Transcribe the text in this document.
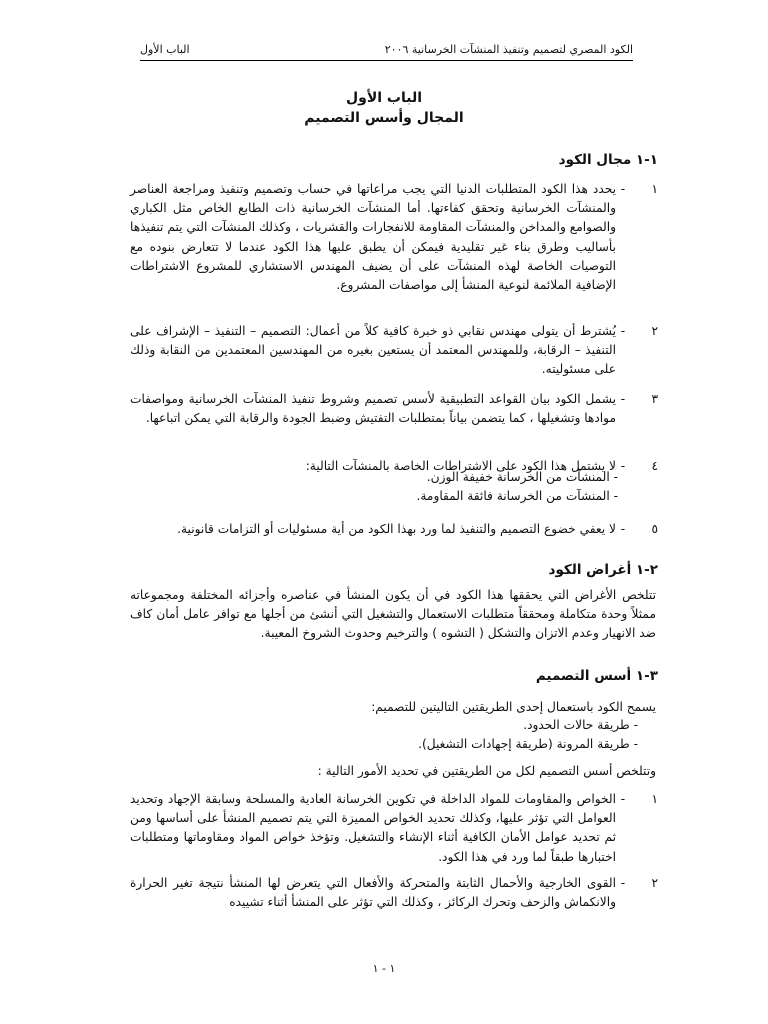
الباب الأول	الكود المصري لتصميم وتنفيذ المنشآت الخرسانية ٢٠٠٦
الباب الأول
المجال وأسس التصميم
١-١ مجال الكود
١
-
يحدد هذا الكود المتطلبات الدنيا التي يجب مراعاتها في حساب وتصميم وتنفيذ ومراجعة العناصر والمنشآت الخرسانية وتحقق كفاءتها. أما المنشآت الخرسانية ذات الطابع الخاص مثل الكباري والصوامع والمداخن والمنشآت المقاومة للانفجارات والقشريات ، وكذلك المنشآت التي يتم تنفيذها بأساليب وطرق بناء غير تقليدية فيمكن أن يطبق عليها هذا الكود عندما لا تتعارض بنوده مع التوصيات الخاصة لهذه المنشآت على أن يضيف المهندس الاستشاري للمشروع الاشتراطات الإضافية الملائمة لنوعية المنشأ إلى مواصفات المشروع.
٢
-
يُشترط أن يتولى مهندس نقابي ذو خبرة كافية كلاً من أعمال: التصميم – التنفيذ – الإشراف على التنفيذ – الرقابة، وللمهندس المعتمد أن يستعين بغيره من المهندسين المعتمدين من النقابة وذلك على مسئوليته.
٣
-
يشمل الكود بيان القواعد التطبيقية لأسس تصميم وشروط تنفيذ المنشآت الخرسانية ومواصفات موادها وتشغيلها ، كما يتضمن بياناً بمتطلبات التفتيش وضبط الجودة والرقابة التي يمكن اتباعها.
٤
-
لا يشتمل هذا الكود على الاشتراطات الخاصة بالمنشآت التالية:
- المنشآت من الخرسانة خفيفة الوزن.
- المنشآت من الخرسانة فائقة المقاومة.
٥
-
لا يعفي خضوع التصميم والتنفيذ لما ورد بهذا الكود من أية مسئوليات أو التزامات قانونية.
٢-١ أغراض الكود
تتلخص الأغراض التي يحققها هذا الكود في أن يكون المنشأ في عناصره وأجزائه المختلفة ومجموعاته ممثلاً وحدة متكاملة ومحققاً متطلبات الاستعمال والتشغيل التي أنشئ من أجلها مع توافر عامل أمان كاف ضد الانهيار وعدم الاتزان والتشكل ( التشوه ) والترخيم وحدوث الشروخ المعيبة.
٣-١ أسس التصميم
يسمح الكود باستعمال إحدى الطريقتين التاليتين للتصميم:
- طريقة حالات الحدود.
- طريقة المرونة (طريقة إجهادات التشغيل).
وتتلخص أسس التصميم لكل من الطريقتين في تحديد الأمور التالية :
١
-
الخواص والمقاومات للمواد الداخلة في تكوين الخرسانة العادية والمسلحة وسابقة الإجهاد وتحديد العوامل التي تؤثر عليها، وكذلك تحديد الخواص المميزة التي يتم تصميم المنشأ على أساسها ومن ثم تحديد عوامل الأمان الكافية أثناء الإنشاء والتشغيل. وتؤخذ خواص المواد ومقاوماتها ومتطلبات اختبارها طبقاً لما ورد في هذا الكود.
٢
-
القوى الخارجية والأحمال الثابتة والمتحركة والأفعال التي يتعرض لها المنشأ نتيجة تغير الحرارة والانكماش والزحف وتحرك الركائز ، وكذلك التي تؤثر على المنشأ أثناء تشييده
١ - ١
